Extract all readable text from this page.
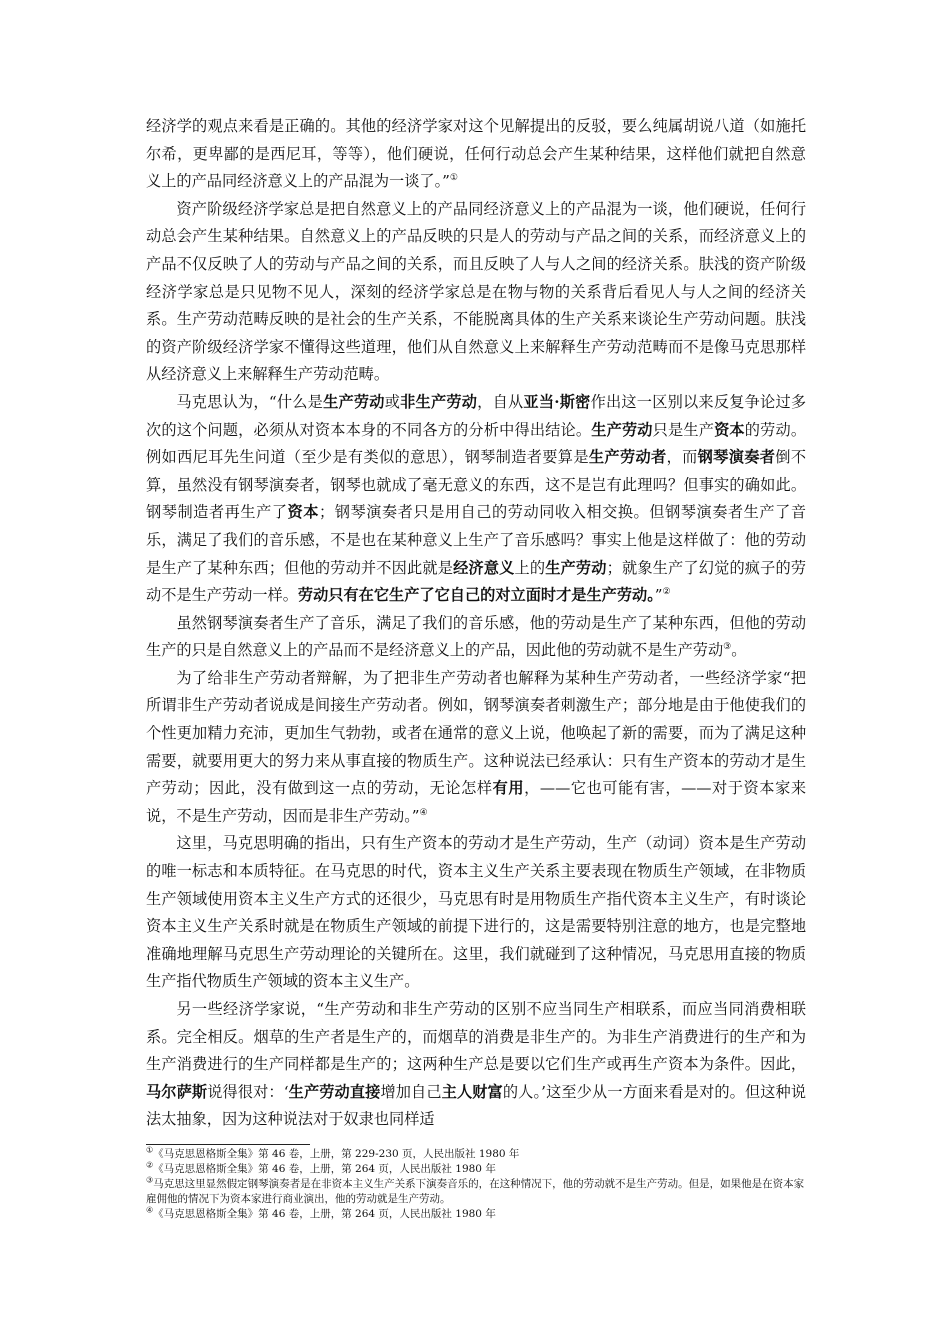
经济学的观点来看是正确的。其他的经济学家对这个见解提出的反驳，要么纯属胡说八道（如施托尔希，更卑鄙的是西尼耳，等等），他们硬说，任何行动总会产生某种结果，这样他们就把自然意义上的产品同经济意义上的产品混为一谈了。”①

资产阶级经济学家总是把自然意义上的产品同经济意义上的产品混为一谈，他们硬说，任何行动总会产生某种结果。自然意义上的产品反映的只是人的劳动与产品之间的关系，而经济意义上的产品不仅反映了人的劳动与产品之间的关系，而且反映了人与人之间的经济关系。肤浅的资产阶级经济学家总是只见物不见人，深刻的经济学家总是在物与物的关系背后看见人与人之间的经济关系。生产劳动范畴反映的是社会的生产关系，不能脱离具体的生产关系来谈论生产劳动问题。肤浅的资产阶级经济学家不懂得这些道理，他们从自然意义上来解释生产劳动范畴而不是像马克思那样从经济意义上来解释生产劳动范畴。

马克思认为，“什么是生产劳动或非生产劳动，自从亚当·斯密作出这一区别以来反复争论过多次的这个问题，必须从对资本本身的不同各方的分析中得出结论。生产劳动只是生产资本的劳动。例如西尼耳先生问道（至少是有类似的意思），钢琴制造者要算是生产劳动者，而钢琴演奏者倒不算，虽然没有钢琴演奏者，钢琴也就成了毫无意义的东西，这不是岂有此理吗？但事实的确如此。钢琴制造者再生产了资本；钢琴演奏者只是用自己的劳动同收入相交换。但钢琴演奏者生产了音乐，满足了我们的音乐感，不是也在某种意义上生产了音乐感吗？事实上他是这样做了：他的劳动是生产了某种东西；但他的劳动并不因此就是经济意义上的生产劳动；就象生产了幻觉的疯子的劳动不是生产劳动一样。劳动只有在它生产了它自己的对立面时才是生产劳动。”②

虽然钢琴演奏者生产了音乐，满足了我们的音乐感，他的劳动是生产了某种东西，但他的劳动生产的只是自然意义上的产品而不是经济意义上的产品，因此他的劳动就不是生产劳动③。

为了给非生产劳动者辩解，为了把非生产劳动者也解释为某种生产劳动者，一些经济学家“把所谓非生产劳动者说成是间接生产劳动者。例如，钢琴演奏者刺激生产；部分地是由于他使我们的个性更加精力充沛，更加生气勃勃，或者在通常的意义上说，他唤起了新的需要，而为了满足这种需要，就要用更大的努力来从事直接的物质生产。这种说法已经承认：只有生产资本的劳动才是生产劳动；因此，没有做到这一点的劳动，无论怎样有用，——它也可能有害，——对于资本家来说，不是生产劳动，因而是非生产劳动。”④

这里，马克思明确的指出，只有生产资本的劳动才是生产劳动，生产（动词）资本是生产劳动的唯一标志和本质特征。在马克思的时代，资本主义生产关系主要表现在物质生产领域，在非物质生产领域使用资本主义生产方式的还很少，马克思有时是用物质生产指代资本主义生产，有时谈论资本主义生产关系时就是在物质生产领域的前提下进行的，这是需要特别注意的地方，也是完整地准确地理解马克思生产劳动理论的关键所在。这里，我们就碰到了这种情况，马克思用直接的物质生产指代物质生产领域的资本主义生产。

另一些经济学家说，“生产劳动和非生产劳动的区别不应当同生产相联系，而应当同消费相联系。完全相反。烟草的生产者是生产的，而烟草的消费是非生产的。为非生产消费进行的生产和为生产消费进行的生产同样都是生产的；这两种生产总是要以它们生产或再生产资本为条件。因此，马尔萨斯说得很对：‘生产劳动直接增加自己主人财富的人。’这至少从一方面来看是对的。但这种说法太抽象，因为这种说法对于奴隶也同样适

①《马克思恩格斯全集》第 46 卷，上册，第 229-230 页，人民出版社 1980 年
②《马克思恩格斯全集》第 46 卷，上册，第 264 页，人民出版社 1980 年
③马克思这里显然假定钢琴演奏者是在非资本主义生产关系下演奏音乐的，在这种情况下，他的劳动就不是生产劳动。但是，如果他是在资本家雇佣他的情况下为资本家进行商业演出，他的劳动就是生产劳动。
④《马克思恩格斯全集》第 46 卷，上册，第 264 页，人民出版社 1980 年
